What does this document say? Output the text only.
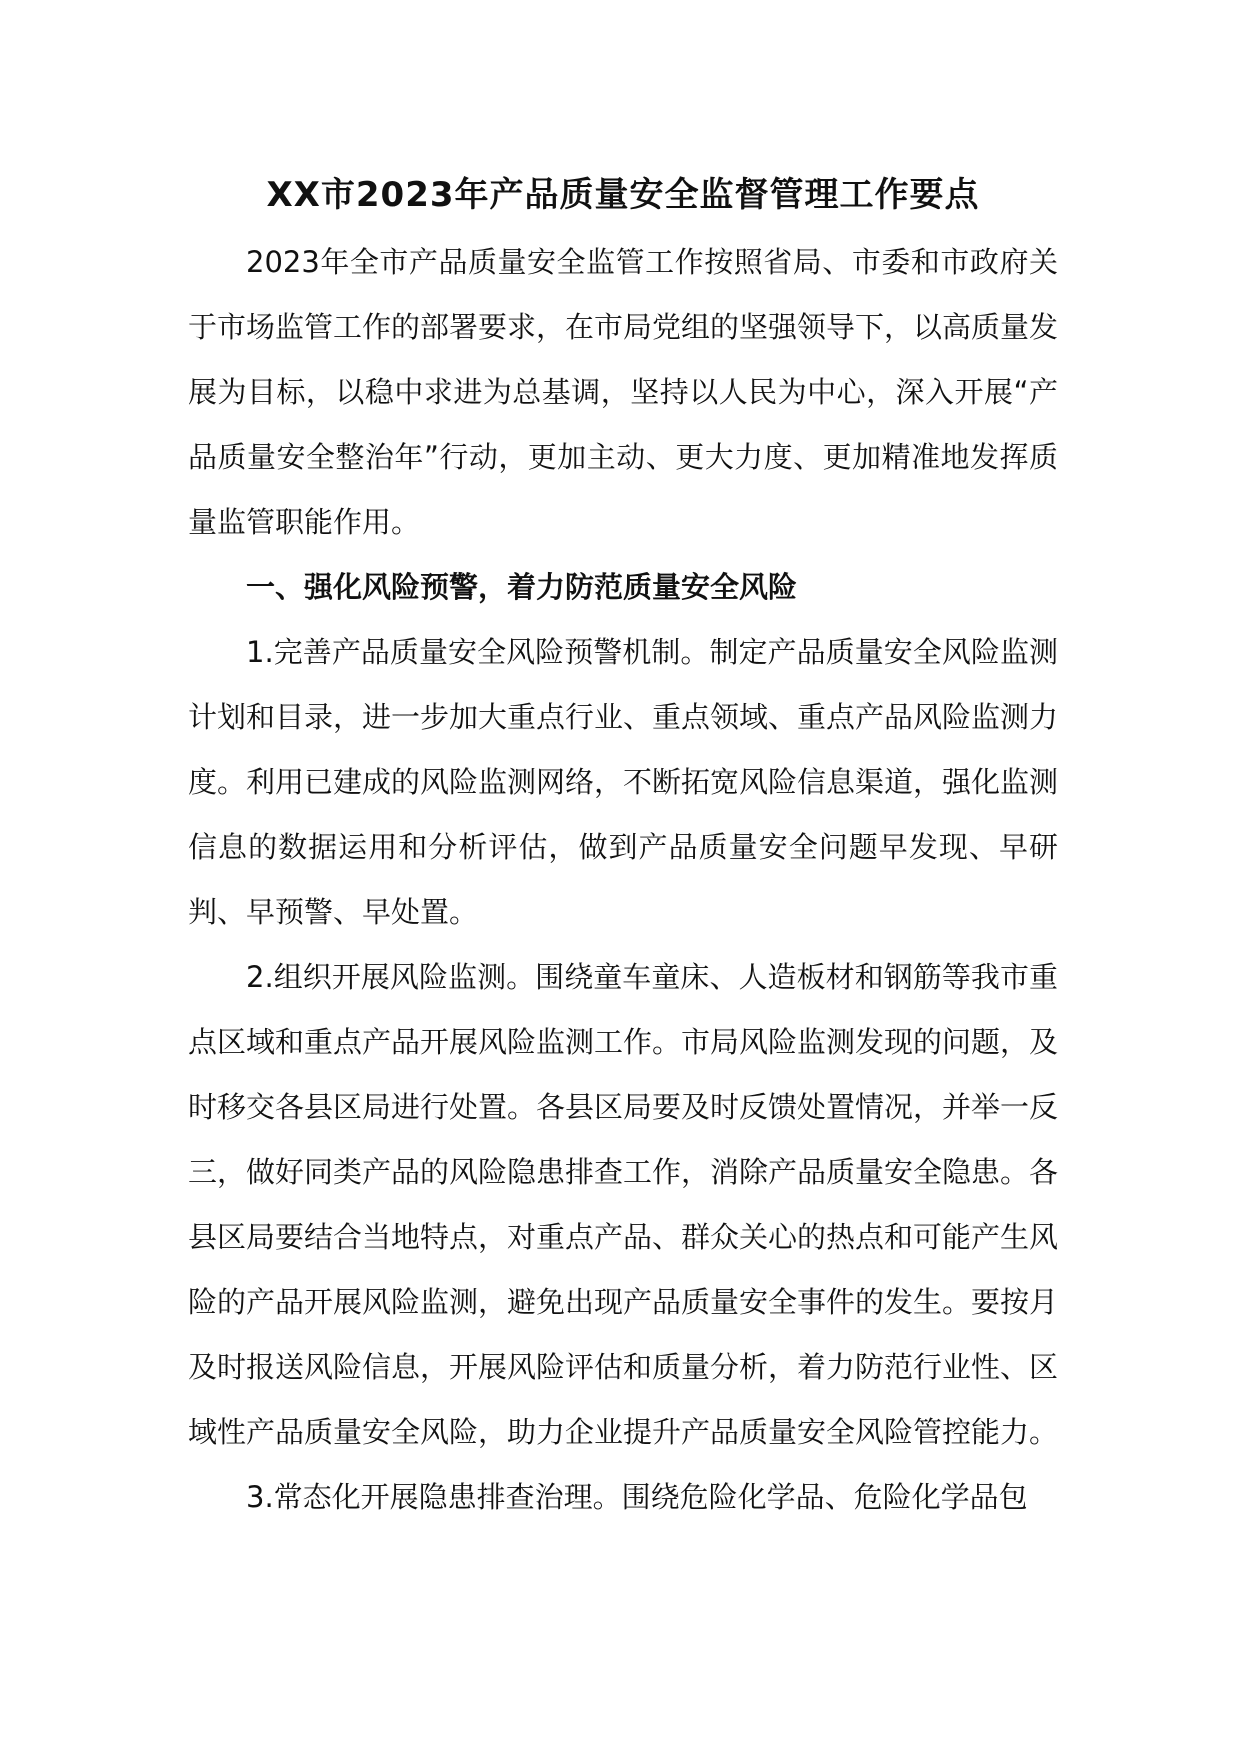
XX市2023年产品质量安全监督管理工作要点

2023年全市产品质量安全监管工作按照省局、市委和市政府关于市场监管工作的部署要求，在市局党组的坚强领导下，以高质量发展为目标，以稳中求进为总基调，坚持以人民为中心，深入开展“产品质量安全整治年”行动，更加主动、更大力度、更加精准地发挥质量监管职能作用。

一、强化风险预警，着力防范质量安全风险

1.完善产品质量安全风险预警机制。制定产品质量安全风险监测计划和目录，进一步加大重点行业、重点领域、重点产品风险监测力度。利用已建成的风险监测网络，不断拓宽风险信息渠道，强化监测信息的数据运用和分析评估，做到产品质量安全问题早发现、早研判、早预警、早处置。

2.组织开展风险监测。围绕童车童床、人造板材和钢筋等我市重点区域和重点产品开展风险监测工作。市局风险监测发现的问题，及时移交各县区局进行处置。各县区局要及时反馈处置情况，并举一反三，做好同类产品的风险隐患排查工作，消除产品质量安全隐患。各县区局要结合当地特点，对重点产品、群众关心的热点和可能产生风险的产品开展风险监测，避免出现产品质量安全事件的发生。要按月及时报送风险信息，开展风险评估和质量分析，着力防范行业性、区域性产品质量安全风险，助力企业提升产品质量安全风险管控能力。

3.常态化开展隐患排查治理。围绕危险化学品、危险化学品包
